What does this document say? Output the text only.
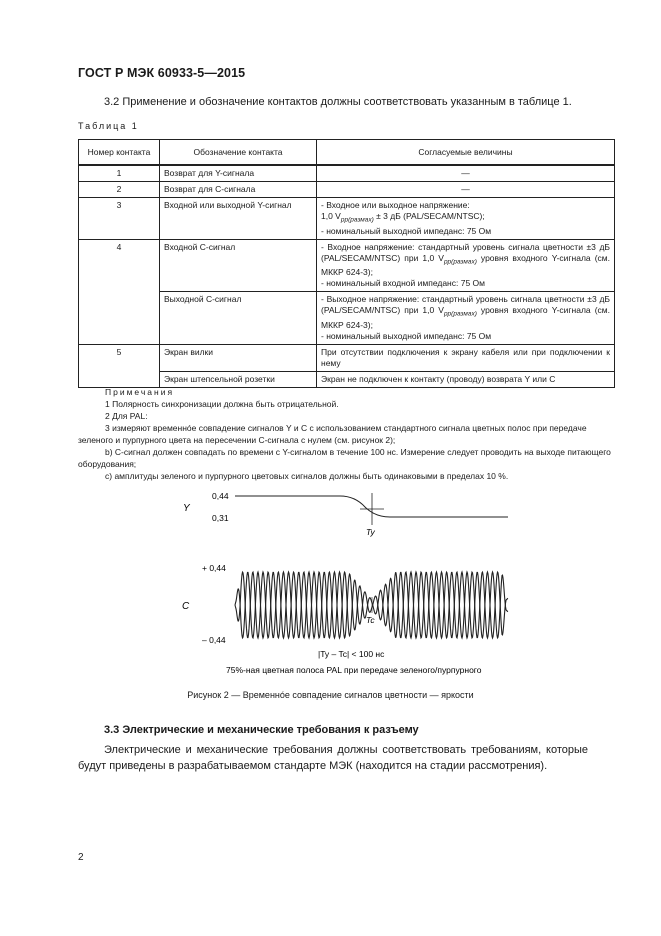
ГОСТ Р МЭК 60933-5—2015
3.2 Применение и обозначение контактов должны соответствовать указанным в таблице 1.
Таблица 1
Номер контакта	Обозначение контакта	Согласуемые величины
1	Возврат для Y-сигнала	—
2	Возврат для C-сигнала	—
3	Входной или выходной Y-сигнал	- Входное или выходное напряжение:
1,0 $V_{pp(размах)} \pm 3$ дБ (PAL/SECAM/NTSC);
- номинальный выходной импеданс: 75 Ом

4	Входной C-сигнал	- Входное напряжение: стандартный уровень сигнала цветности ±3 дБ (PAL/SECAM/NTSC) при 1,0 $V_{pp(размах)}$ уровня входного Y-сигнала (см. МККР 624-3);
- номинальный входной импеданс: 75 Ом

	Выходной C-сигнал	- Выходное напряжение: стандартный уровень сигнала цветности ±3 дБ (PAL/SECAM/NTSC) при 1,0 $V_{pp(размах)}$ уровня входного Y-сигнала (см. МККР 624-3);
- номинальный выходной импеданс: 75 Ом

5	Экран вилки	При отсутствии подключения к экрану кабеля или при подключении к нему
	Экран штепсельной розетки	Экран не подключен к контакту (проводу) возврата Y или C
Примечания
1 Полярность синхронизации должна быть отрицательной.
2 Для PAL:
3 измеряют временнóе совпадение сигналов Y и C с использованием стандартного сигнала цветных полос при передаче зеленого и пурпурного цвета на пересечении C-сигнала с нулем (см. рисунок 2);
b) C-сигнал должен совпадать по времени с Y-сигналом в течение 100 нс. Измерение следует проводить на выходе питающего оборудования;
c) амплитуды зеленого и пурпурного цветовых сигналов должны быть одинаковыми в пределах 10 %.
Y
0,44
0,31
Ty
C
+ 0,44
– 0,44
Tc
|Ty – Tc| < 100 нс
75%-ная цветная полоса PAL при передаче зеленого/пурпурного
Рисунок 2 — Временнóе совпадение сигналов цветности — яркости
3.3 Электрические и механические требования к разъему
Электрические и механические требования должны соответствовать требованиям, которые будут приведены в разрабатываемом стандарте МЭК (находится на стадии рассмотрения).
2
